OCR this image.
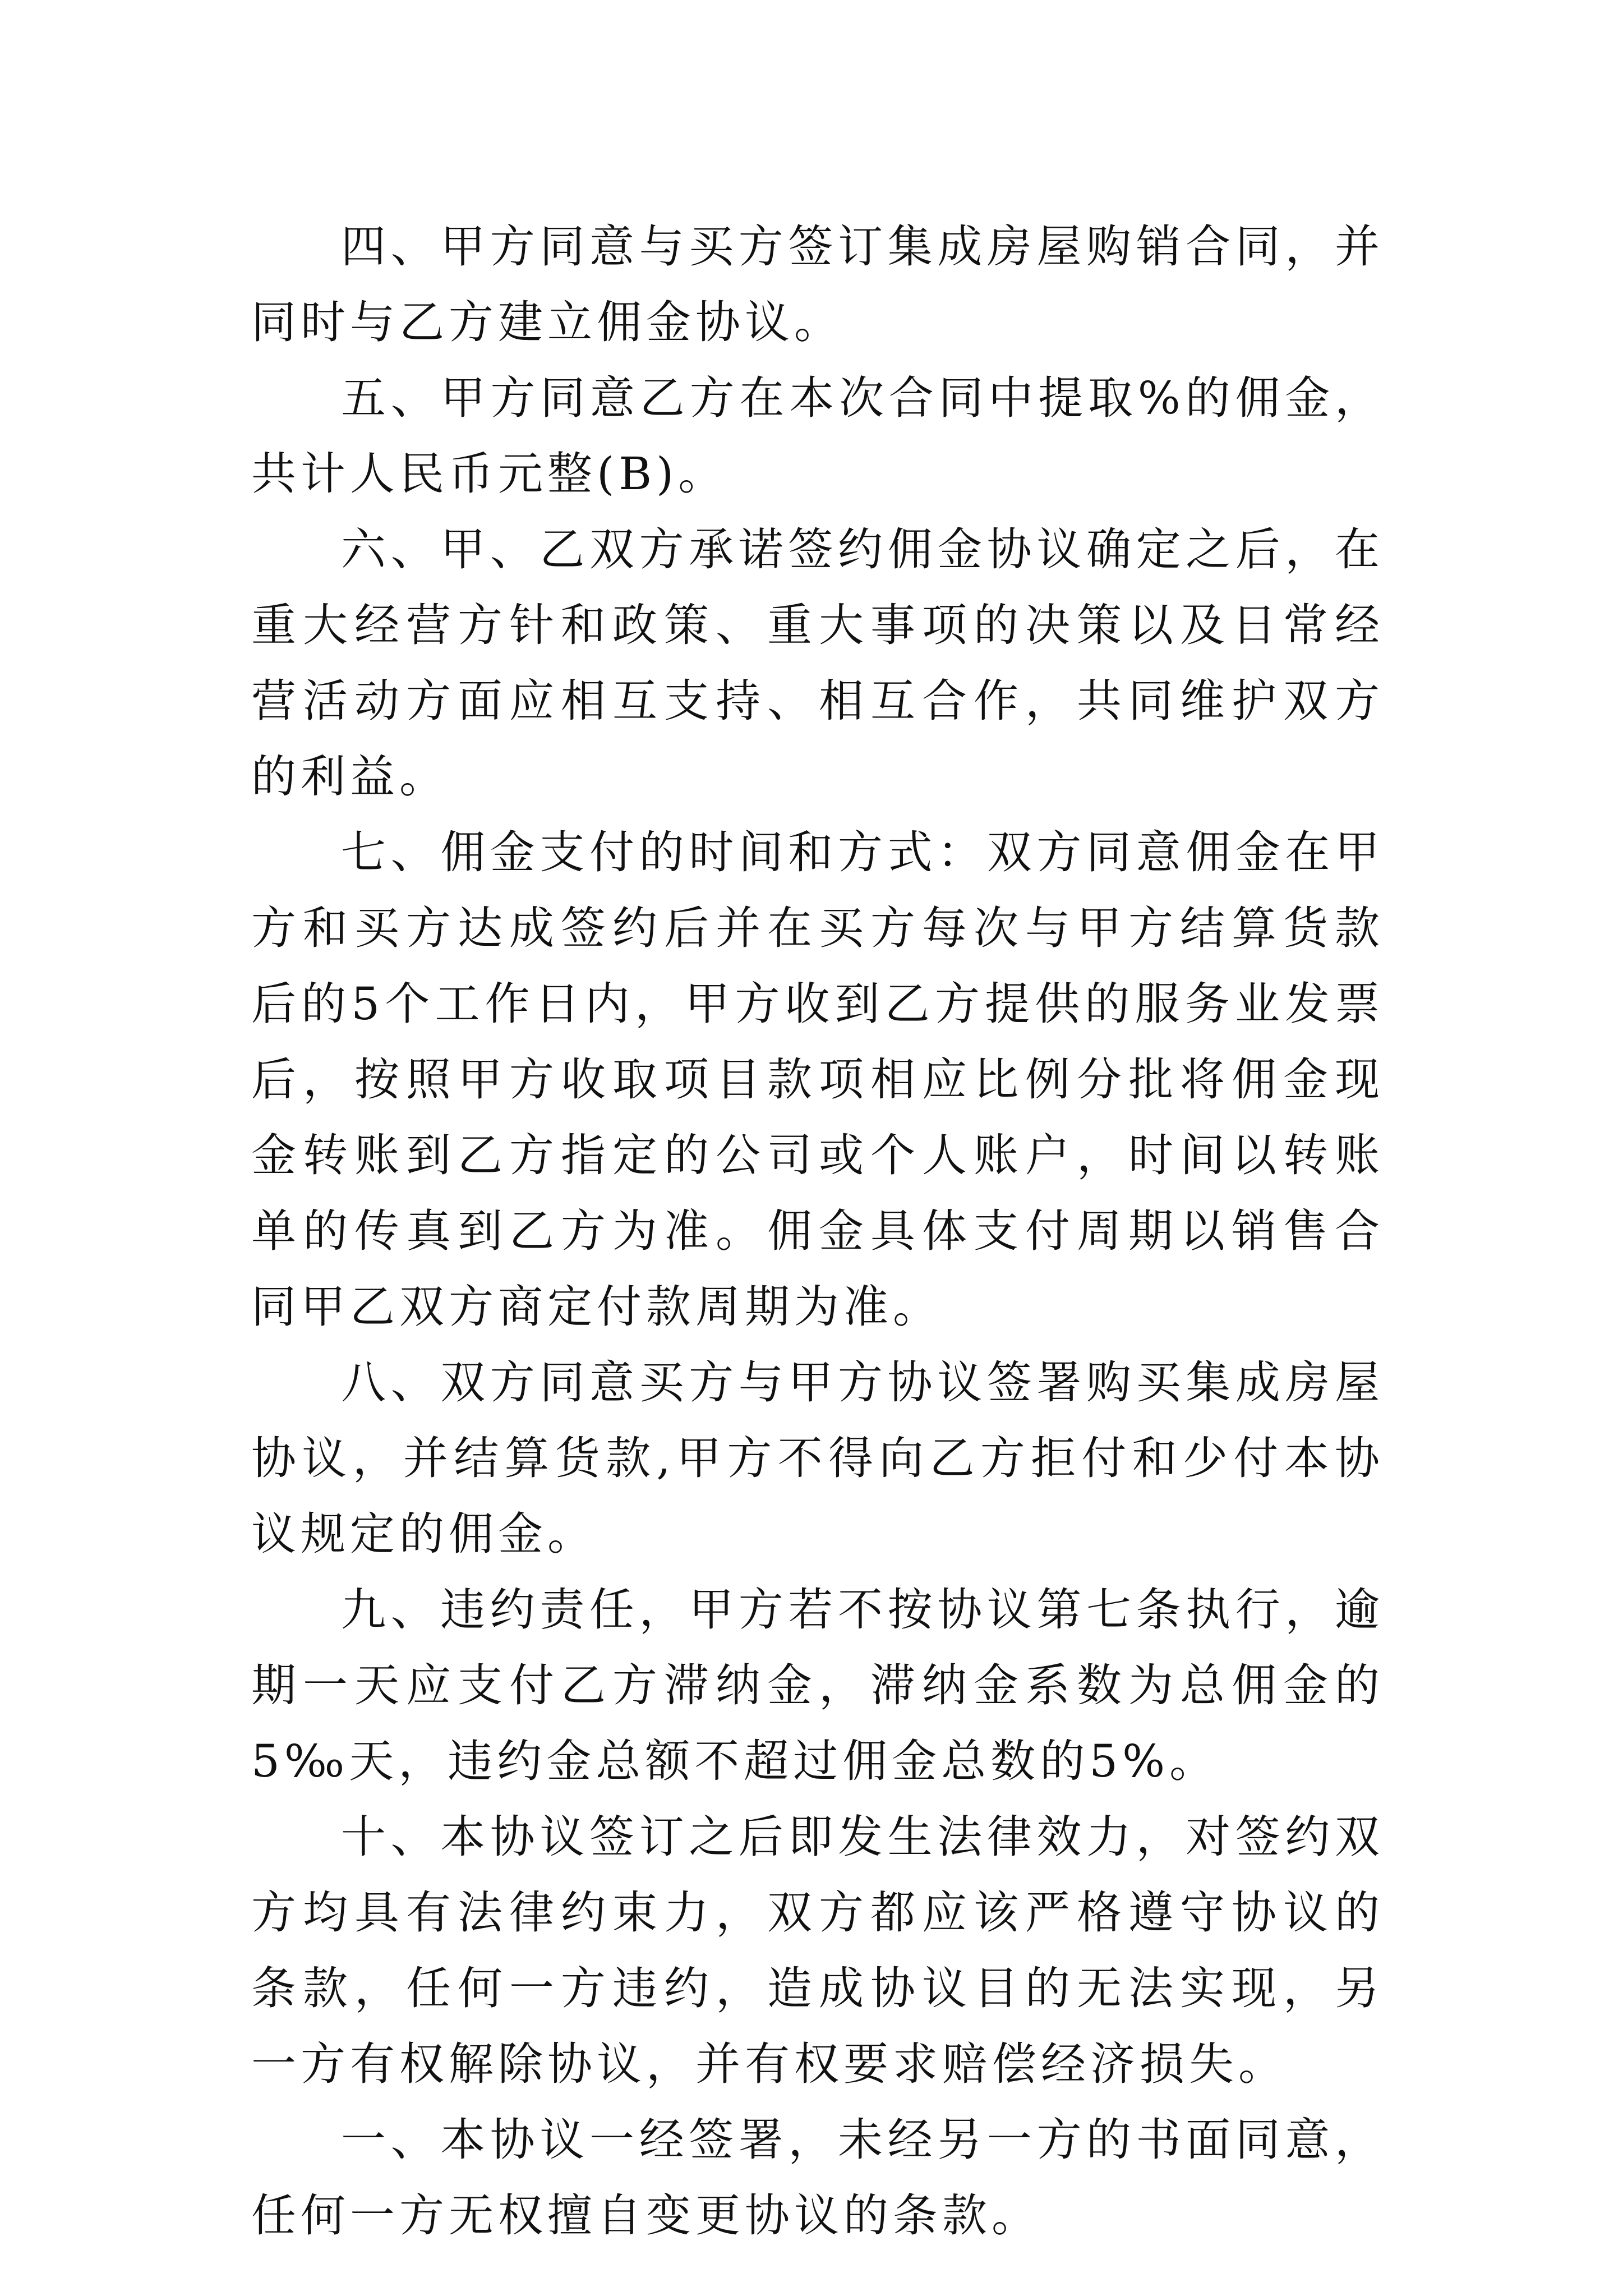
四、甲方同意与买方签订集成房屋购销合同，并同时与乙方建立佣金协议。

五、甲方同意乙方在本次合同中提取%的佣金，共计人民币元整(B)。

六、甲、乙双方承诺签约佣金协议确定之后，在重大经营方针和政策、重大事项的决策以及日常经营活动方面应相互支持、相互合作，共同维护双方的利益。

七、佣金支付的时间和方式：双方同意佣金在甲方和买方达成签约后并在买方每次与甲方结算货款后的5个工作日内，甲方收到乙方提供的服务业发票后，按照甲方收取项目款项相应比例分批将佣金现金转账到乙方指定的公司或个人账户，时间以转账单的传真到乙方为准。佣金具体支付周期以销售合同甲乙双方商定付款周期为准。

八、双方同意买方与甲方协议签署购买集成房屋协议，并结算货款,甲方不得向乙方拒付和少付本协议规定的佣金。

九、违约责任，甲方若不按协议第七条执行，逾期一天应支付乙方滞纳金，滞纳金系数为总佣金的5‰天，违约金总额不超过佣金总数的5%。

十、本协议签订之后即发生法律效力，对签约双方均具有法律约束力，双方都应该严格遵守协议的条款，任何一方违约，造成协议目的无法实现，另一方有权解除协议，并有权要求赔偿经济损失。

一、本协议一经签署，未经另一方的书面同意，任何一方无权擅自变更协议的条款。
